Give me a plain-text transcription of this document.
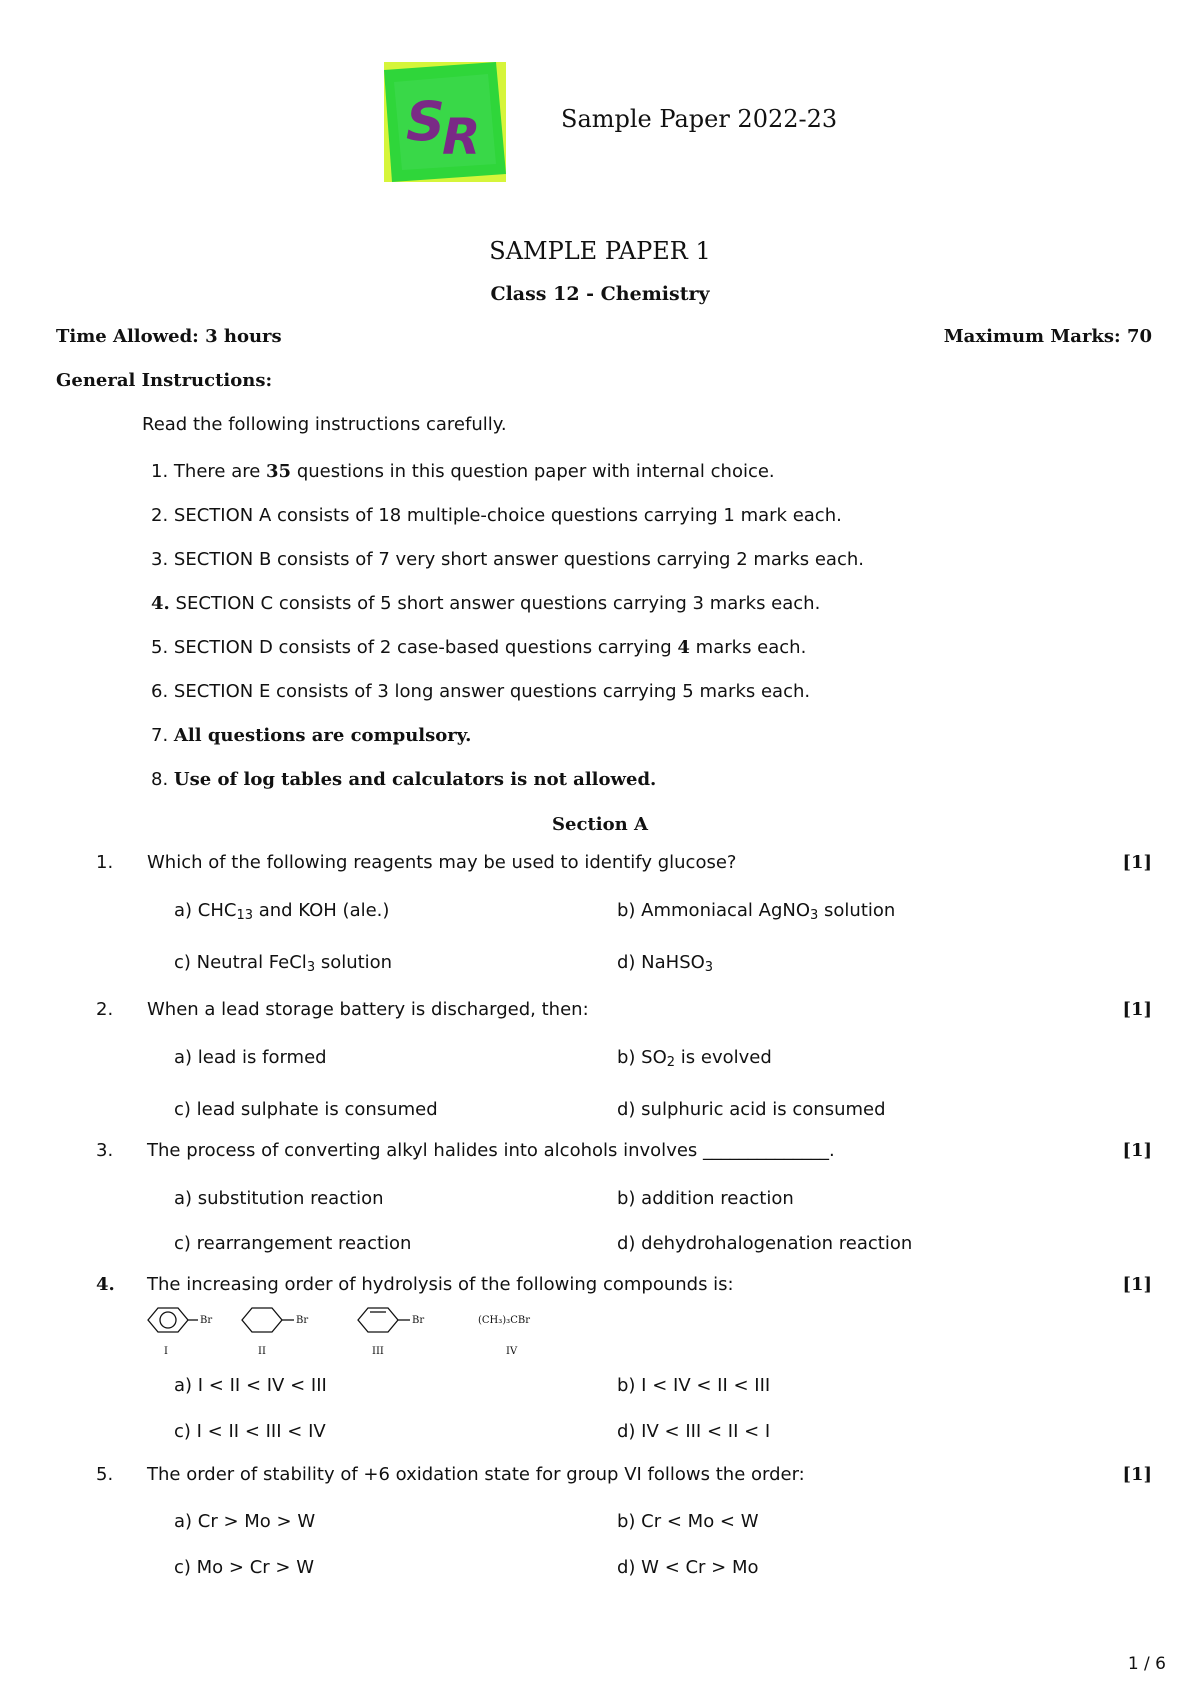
S
R	Sample Paper 2022-23
SAMPLE PAPER 1
Class 12 - Chemistry
Time Allowed: 3 hours	Maximum Marks: 70
General Instructions:
Read the following instructions carefully.
1. There are 35 questions in this question paper with internal choice.
2. SECTION A consists of 18 multiple-choice questions carrying 1 mark each.
3. SECTION B consists of 7 very short answer questions carrying 2 marks each.
4. SECTION C consists of 5 short answer questions carrying 3 marks each.
5. SECTION D consists of 2 case-based questions carrying 4 marks each.
6. SECTION E consists of 3 long answer questions carrying 5 marks each.
7. All questions are compulsory.
8. Use of log tables and calculators is not allowed.
Section A
1. Which of the following reagents may be used to identify glucose?	[1]
a) $CHC_{13}$ and KOH (ale.)	b) Ammoniacal AgNO$_3$ solution
c) Neutral FeCl$_3$ solution	d) NaHSO$_3$
2. When a lead storage battery is discharged, then:	[1]
a) lead is formed	b) $SO_2$ is evolved
c) lead sulphate is consumed	d) sulphuric acid is consumed
3. The process of converting alkyl halides into alcohols involves ______________.	[1]
a) substitution reaction	b) addition reaction
c) rearrangement reaction	d) dehydrohalogenation reaction
4. The increasing order of hydrolysis of the following compounds is:	[1]
Br	Br	Br	(CH₃)₃CBr
I	II	III	IV
a) I < II < IV < III	b) I < IV < II < III
c) I < II < III < IV	d) IV < III < II < I
5. The order of stability of +6 oxidation state for group VI follows the order:	[1]
a) Cr > Mo > W	b) Cr < Mo < W
c) Mo > Cr > W	d) W < Cr > Mo
1 / 6
